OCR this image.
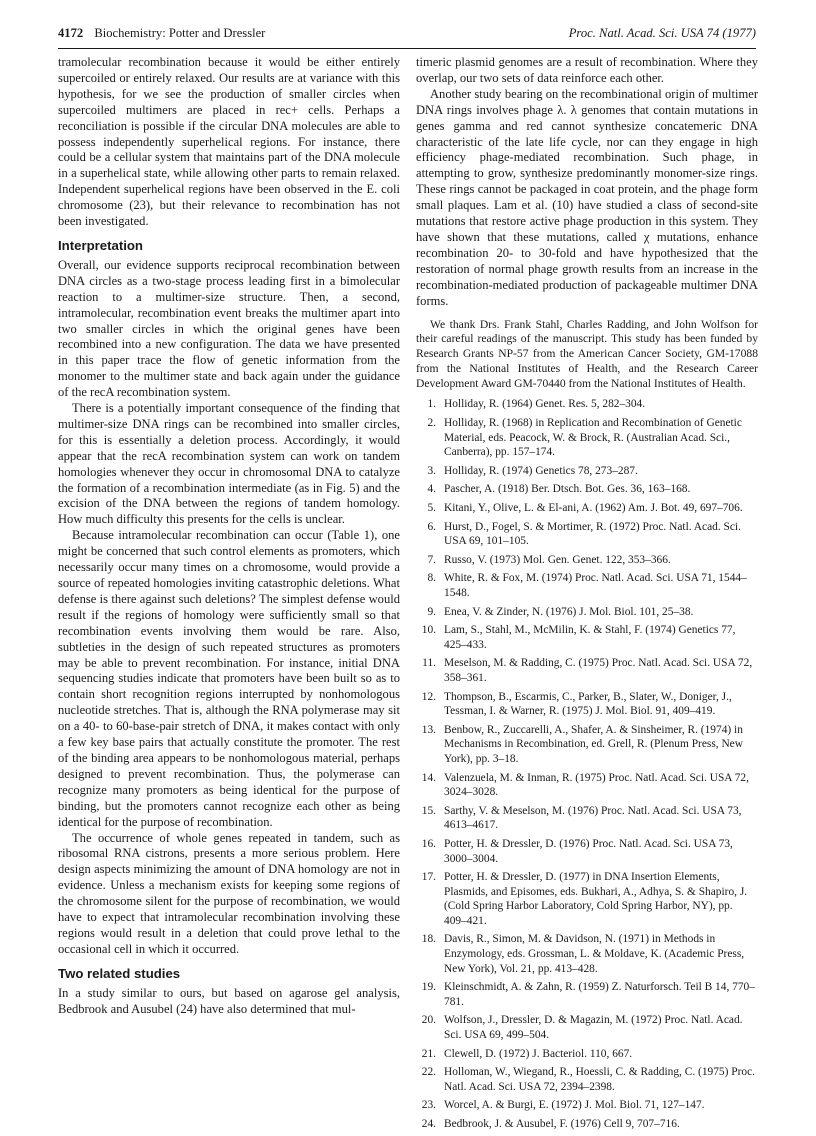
4172 Biochemistry: Potter and Dressler	Proc. Natl. Acad. Sci. USA 74 (1977)

tramolecular recombination because it would be either entirely supercoiled or entirely relaxed. Our results are at variance with this hypothesis, for we see the production of smaller circles when supercoiled multimers are placed in rec+ cells. Perhaps a reconciliation is possible if the circular DNA molecules are able to possess independently superhelical regions. For instance, there could be a cellular system that maintains part of the DNA molecule in a superhelical state, while allowing other parts to remain relaxed. Independent superhelical regions have been observed in the E. coli chromosome (23), but their relevance to recombination has not been investigated.

Interpretation

Overall, our evidence supports reciprocal recombination between DNA circles as a two-stage process leading first in a bimolecular reaction to a multimer-size structure. Then, a second, intramolecular, recombination event breaks the multimer apart into two smaller circles in which the original genes have been recombined into a new configuration. The data we have presented in this paper trace the flow of genetic information from the monomer to the multimer state and back again under the guidance of the recA recombination system.

There is a potentially important consequence of the finding that multimer-size DNA rings can be recombined into smaller circles, for this is essentially a deletion process. Accordingly, it would appear that the recA recombination system can work on tandem homologies whenever they occur in chromosomal DNA to catalyze the formation of a recombination intermediate (as in Fig. 5) and the excision of the DNA between the regions of tandem homology. How much difficulty this presents for the cells is unclear.

Because intramolecular recombination can occur (Table 1), one might be concerned that such control elements as promoters, which necessarily occur many times on a chromosome, would provide a source of repeated homologies inviting catastrophic deletions. What defense is there against such deletions? The simplest defense would result if the regions of homology were sufficiently small so that recombination events involving them would be rare. Also, subtleties in the design of such repeated structures as promoters may be able to prevent recombination. For instance, initial DNA sequencing studies indicate that promoters have been built so as to contain short recognition regions interrupted by nonhomologous nucleotide stretches. That is, although the RNA polymerase may sit on a 40- to 60-base-pair stretch of DNA, it makes contact with only a few key base pairs that actually constitute the promoter. The rest of the binding area appears to be nonhomologous material, perhaps designed to prevent recombination. Thus, the polymerase can recognize many promoters as being identical for the purpose of binding, but the promoters cannot recognize each other as being identical for the purpose of recombination.

The occurrence of whole genes repeated in tandem, such as ribosomal RNA cistrons, presents a more serious problem. Here design aspects minimizing the amount of DNA homology are not in evidence. Unless a mechanism exists for keeping some regions of the chromosome silent for the purpose of recombination, we would have to expect that intramolecular recombination involving these regions would result in a deletion that could prove lethal to the occasional cell in which it occurred.

Two related studies

In a study similar to ours, but based on agarose gel analysis, Bedbrook and Ausubel (24) have also determined that mul-

timeric plasmid genomes are a result of recombination. Where they overlap, our two sets of data reinforce each other.

Another study bearing on the recombinational origin of multimer DNA rings involves phage λ. λ genomes that contain mutations in genes gamma and red cannot synthesize concatemeric DNA characteristic of the late life cycle, nor can they engage in high efficiency phage-mediated recombination. Such phage, in attempting to grow, synthesize predominantly monomer-size rings. These rings cannot be packaged in coat protein, and the phage form small plaques. Lam et al. (10) have studied a class of second-site mutations that restore active phage production in this system. They have shown that these mutations, called χ mutations, enhance recombination 20- to 30-fold and have hypothesized that the restoration of normal phage growth results from an increase in the recombination-mediated production of packageable multimer DNA forms.

We thank Drs. Frank Stahl, Charles Radding, and John Wolfson for their careful readings of the manuscript. This study has been funded by Research Grants NP-57 from the American Cancer Society, GM-17088 from the National Institutes of Health, and the Research Career Development Award GM-70440 from the National Institutes of Health.

1. Holliday, R. (1964) Genet. Res. 5, 282–304.
2. Holliday, R. (1968) in Replication and Recombination of Genetic Material, eds. Peacock, W. & Brock, R. (Australian Acad. Sci., Canberra), pp. 157–174.
3. Holliday, R. (1974) Genetics 78, 273–287.
4. Pascher, A. (1918) Ber. Dtsch. Bot. Ges. 36, 163–168.
5. Kitani, Y., Olive, L. & El-ani, A. (1962) Am. J. Bot. 49, 697–706.
6. Hurst, D., Fogel, S. & Mortimer, R. (1972) Proc. Natl. Acad. Sci. USA 69, 101–105.
7. Russo, V. (1973) Mol. Gen. Genet. 122, 353–366.
8. White, R. & Fox, M. (1974) Proc. Natl. Acad. Sci. USA 71, 1544–1548.
9. Enea, V. & Zinder, N. (1976) J. Mol. Biol. 101, 25–38.
10. Lam, S., Stahl, M., McMilin, K. & Stahl, F. (1974) Genetics 77, 425–433.
11. Meselson, M. & Radding, C. (1975) Proc. Natl. Acad. Sci. USA 72, 358–361.
12. Thompson, B., Escarmis, C., Parker, B., Slater, W., Doniger, J., Tessman, I. & Warner, R. (1975) J. Mol. Biol. 91, 409–419.
13. Benbow, R., Zuccarelli, A., Shafer, A. & Sinsheimer, R. (1974) in Mechanisms in Recombination, ed. Grell, R. (Plenum Press, New York), pp. 3–18.
14. Valenzuela, M. & Inman, R. (1975) Proc. Natl. Acad. Sci. USA 72, 3024–3028.
15. Sarthy, V. & Meselson, M. (1976) Proc. Natl. Acad. Sci. USA 73, 4613–4617.
16. Potter, H. & Dressler, D. (1976) Proc. Natl. Acad. Sci. USA 73, 3000–3004.
17. Potter, H. & Dressler, D. (1977) in DNA Insertion Elements, Plasmids, and Episomes, eds. Bukhari, A., Adhya, S. & Shapiro, J. (Cold Spring Harbor Laboratory, Cold Spring Harbor, NY), pp. 409–421.
18. Davis, R., Simon, M. & Davidson, N. (1971) in Methods in Enzymology, eds. Grossman, L. & Moldave, K. (Academic Press, New York), Vol. 21, pp. 413–428.
19. Kleinschmidt, A. & Zahn, R. (1959) Z. Naturforsch. Teil B 14, 770–781.
20. Wolfson, J., Dressler, D. & Magazin, M. (1972) Proc. Natl. Acad. Sci. USA 69, 499–504.
21. Clewell, D. (1972) J. Bacteriol. 110, 667.
22. Holloman, W., Wiegand, R., Hoessli, C. & Radding, C. (1975) Proc. Natl. Acad. Sci. USA 72, 2394–2398.
23. Worcel, A. & Burgi, E. (1972) J. Mol. Biol. 71, 127–147.
24. Bedbrook, J. & Ausubel, F. (1976) Cell 9, 707–716.
